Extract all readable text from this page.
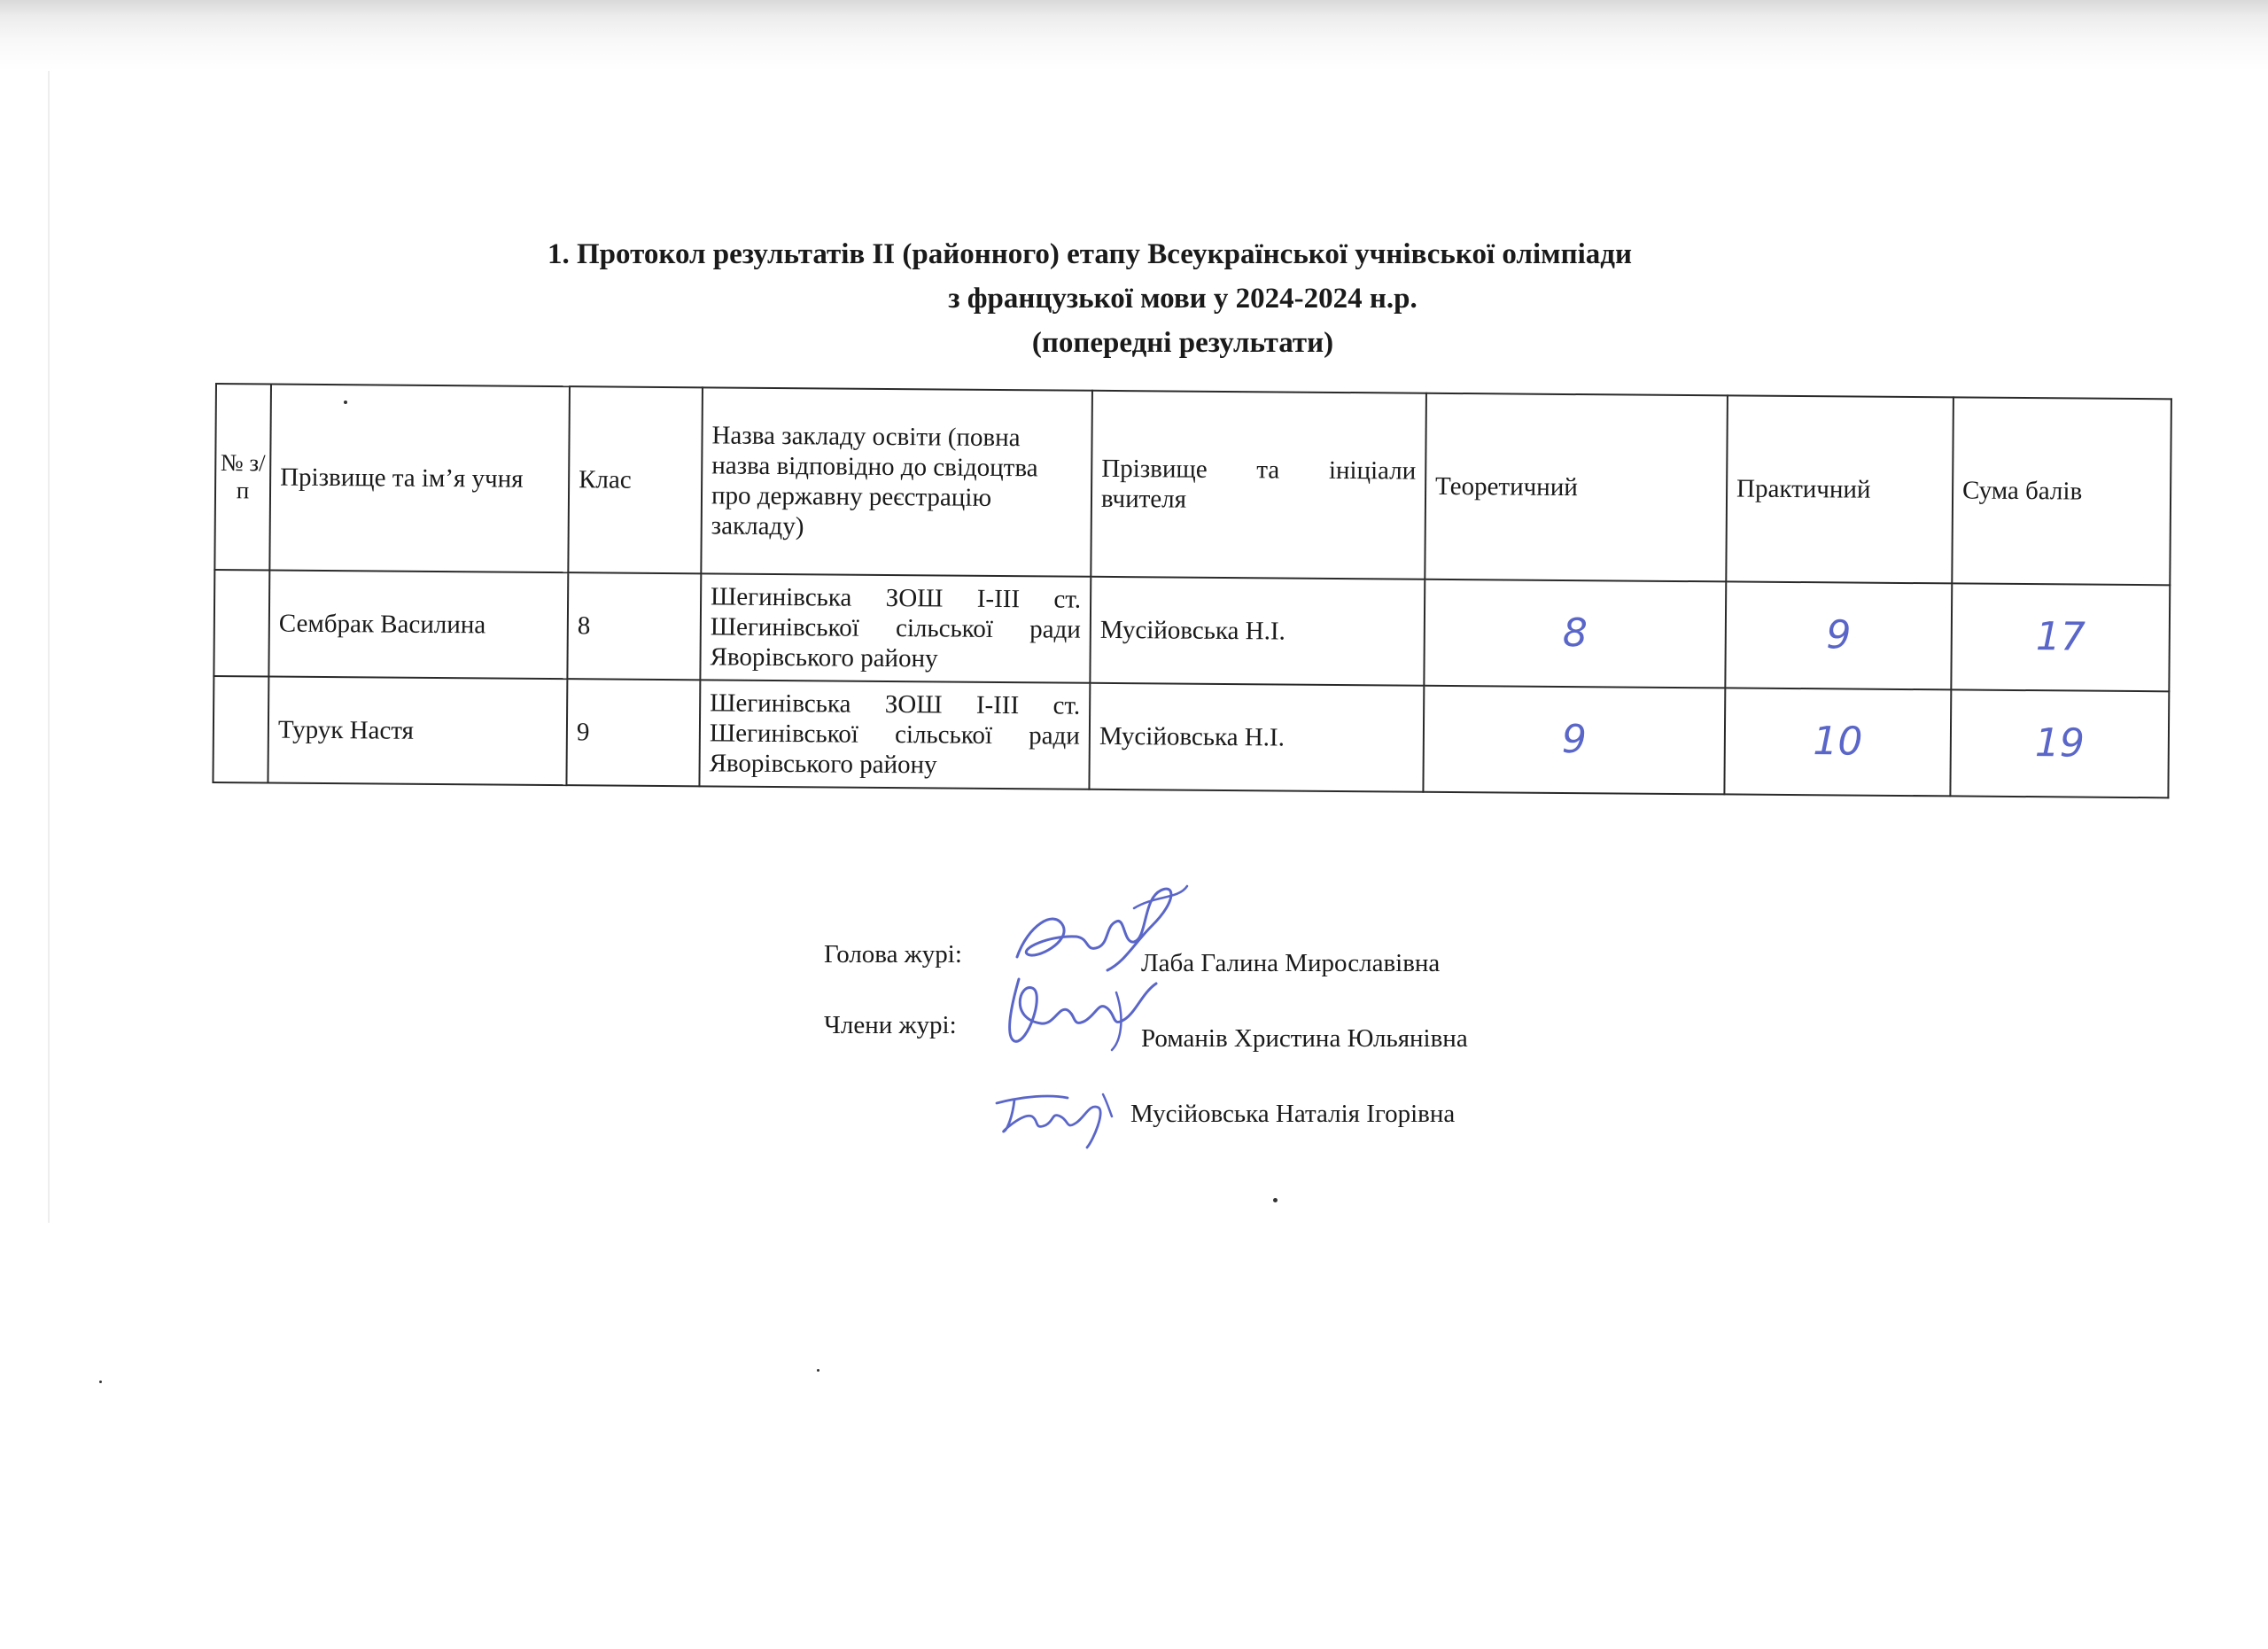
1. Протокол результатів ІІ (районного) етапу Всеукраїнської учнівської олімпіади
з французької мови у 2024-2024 н.р.
(попередні результати)
№ з/п	Прізвище та ім’я учня	Клас	Назва закладу освіти (повна назва відповідно до свідоцтва про державну реєстрацію закладу)	Прізвище та ініціали вчителя	Теоретичний	Практичний	Сума балів
	Сембрак Василина	8	Шегинівська ЗОШ І-ІІІ ст. Шегинівської сільської ради Яворівського району	Мусійовська Н.І.	8	9	17
	Турук Настя	9	Шегинівська ЗОШ І-ІІІ ст. Шегинівської сільської ради Яворівського району	Мусійовська Н.І.	9	10	19
Голова журі:	Лаба Галина Мирославівна
Члени журі:	Романів Христина Юльянівна
Мусійовська Наталія Ігорівна
